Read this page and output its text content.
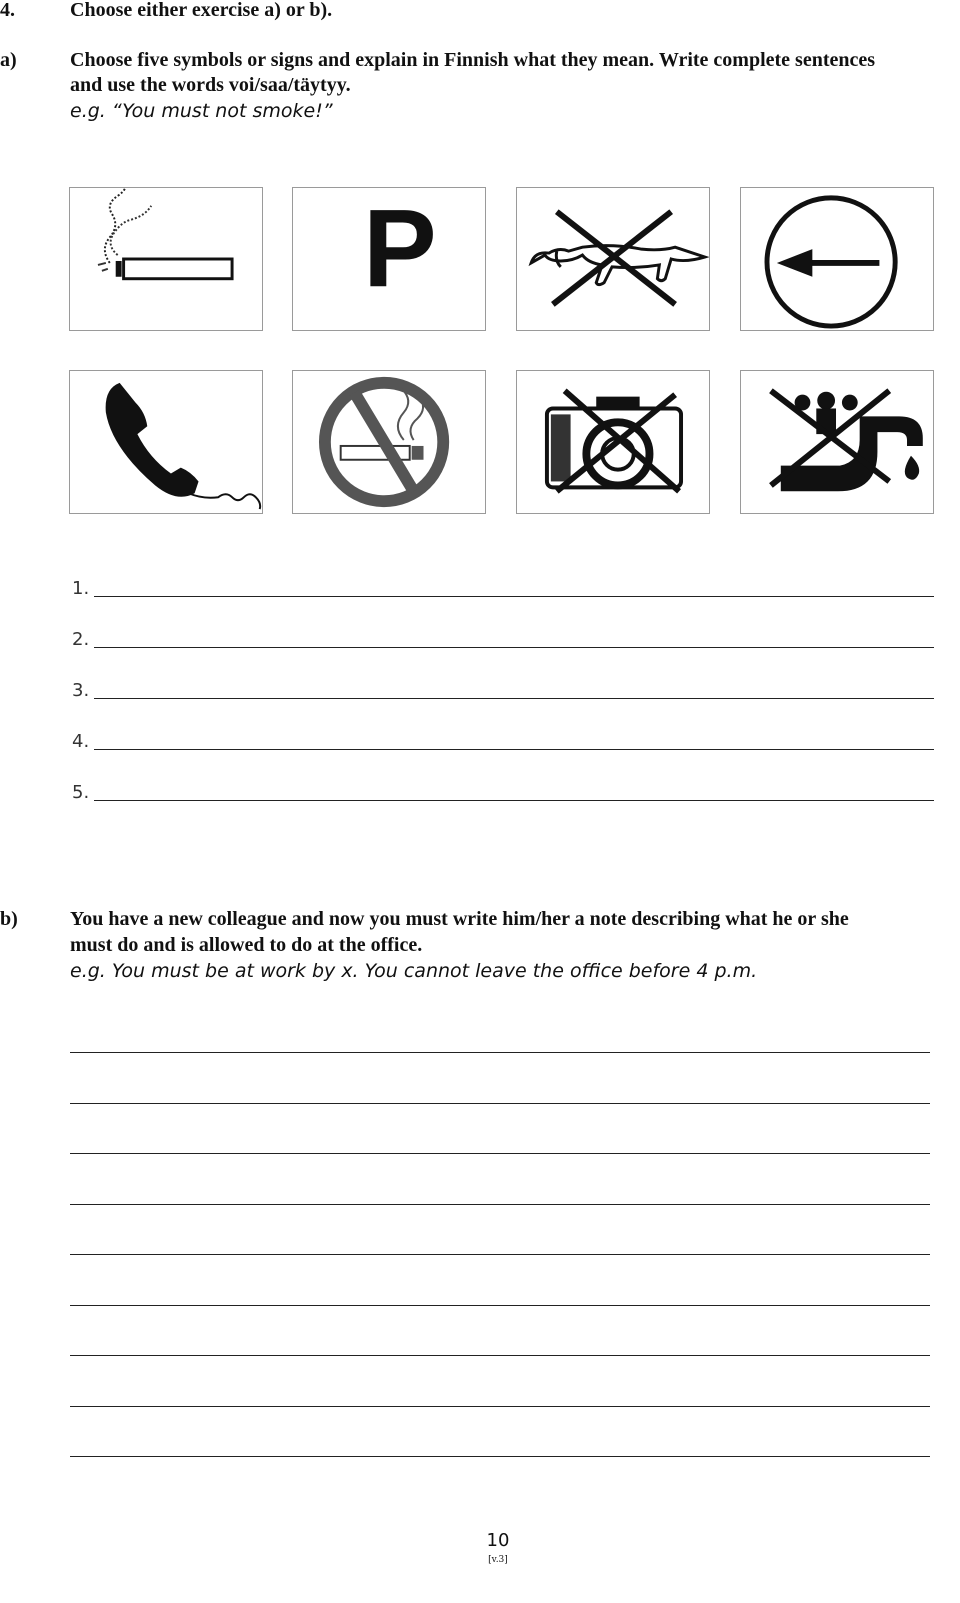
4.	Choose either exercise a) or b).
a)	Choose five symbols or signs and explain in Finnish what they mean. Write complete sentences
and use the words voi/saa/täytyy.
e.g. “You must not smoke!”
P
1.
2.
3.
4.
5.
b)	You have a new colleague and now you must write him/her a note describing what he or she
must do and is allowed to do at the office.
e.g. You must be at work by x. You cannot leave the office before 4 p.m.
10
[v.3]
